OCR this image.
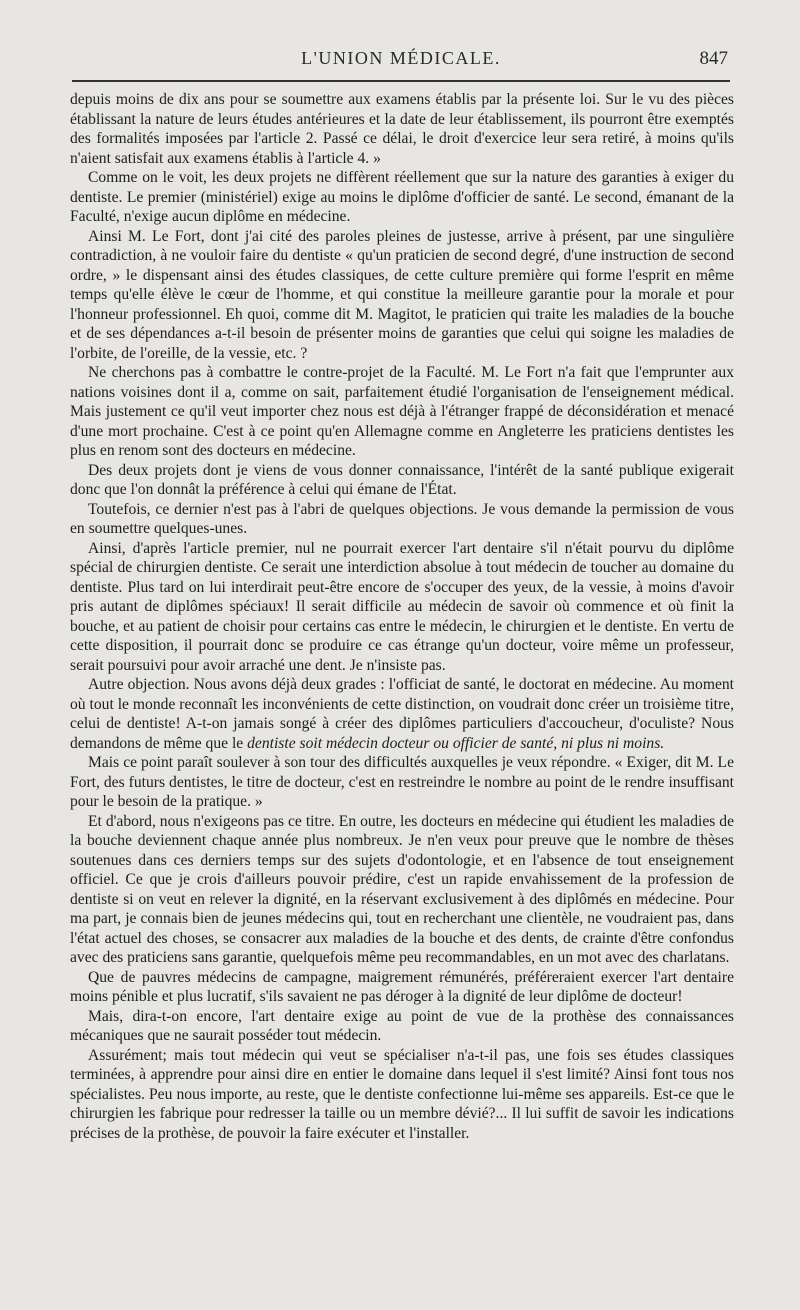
L'UNION MÉDICALE.	847

depuis moins de dix ans pour se soumettre aux examens établis par la présente loi. Sur le vu des pièces établissant la nature de leurs études antérieures et la date de leur établissement, ils pourront être exemptés des formalités imposées par l'article 2. Passé ce délai, le droit d'exercice leur sera retiré, à moins qu'ils n'aient satisfait aux examens établis à l'article 4. »

Comme on le voit, les deux projets ne diffèrent réellement que sur la nature des garanties à exiger du dentiste. Le premier (ministériel) exige au moins le diplôme d'officier de santé. Le second, émanant de la Faculté, n'exige aucun diplôme en médecine.

Ainsi M. Le Fort, dont j'ai cité des paroles pleines de justesse, arrive à présent, par une singulière contradiction, à ne vouloir faire du dentiste « qu'un praticien de second degré, d'une instruction de second ordre, » le dispensant ainsi des études classiques, de cette culture première qui forme l'esprit en même temps qu'elle élève le cœur de l'homme, et qui constitue la meilleure garantie pour la morale et pour l'honneur professionnel. Eh quoi, comme dit M. Magitot, le praticien qui traite les maladies de la bouche et de ses dépendances a-t-il besoin de présenter moins de garanties que celui qui soigne les maladies de l'orbite, de l'oreille, de la vessie, etc. ?

Ne cherchons pas à combattre le contre-projet de la Faculté. M. Le Fort n'a fait que l'emprunter aux nations voisines dont il a, comme on sait, parfaitement étudié l'organisation de l'enseignement médical. Mais justement ce qu'il veut importer chez nous est déjà à l'étranger frappé de déconsidération et menacé d'une mort prochaine. C'est à ce point qu'en Allemagne comme en Angleterre les praticiens dentistes les plus en renom sont des docteurs en médecine.

Des deux projets dont je viens de vous donner connaissance, l'intérêt de la santé publique exigerait donc que l'on donnât la préférence à celui qui émane de l'État.

Toutefois, ce dernier n'est pas à l'abri de quelques objections. Je vous demande la permission de vous en soumettre quelques-unes.

Ainsi, d'après l'article premier, nul ne pourrait exercer l'art dentaire s'il n'était pourvu du diplôme spécial de chirurgien dentiste. Ce serait une interdiction absolue à tout médecin de toucher au domaine du dentiste. Plus tard on lui interdirait peut-être encore de s'occuper des yeux, de la vessie, à moins d'avoir pris autant de diplômes spéciaux! Il serait difficile au médecin de savoir où commence et où finit la bouche, et au patient de choisir pour certains cas entre le médecin, le chirurgien et le dentiste. En vertu de cette disposition, il pourrait donc se produire ce cas étrange qu'un docteur, voire même un professeur, serait poursuivi pour avoir arraché une dent. Je n'insiste pas.

Autre objection. Nous avons déjà deux grades : l'officiat de santé, le doctorat en médecine. Au moment où tout le monde reconnaît les inconvénients de cette distinction, on voudrait donc créer un troisième titre, celui de dentiste! A-t-on jamais songé à créer des diplômes particuliers d'accoucheur, d'oculiste? Nous demandons de même que le dentiste soit médecin docteur ou officier de santé, ni plus ni moins.

Mais ce point paraît soulever à son tour des difficultés auxquelles je veux répondre. « Exiger, dit M. Le Fort, des futurs dentistes, le titre de docteur, c'est en restreindre le nombre au point de le rendre insuffisant pour le besoin de la pratique. »

Et d'abord, nous n'exigeons pas ce titre. En outre, les docteurs en médecine qui étudient les maladies de la bouche deviennent chaque année plus nombreux. Je n'en veux pour preuve que le nombre de thèses soutenues dans ces derniers temps sur des sujets d'odontologie, et en l'absence de tout enseignement officiel. Ce que je crois d'ailleurs pouvoir prédire, c'est un rapide envahissement de la profession de dentiste si on veut en relever la dignité, en la réservant exclusivement à des diplômés en médecine. Pour ma part, je connais bien de jeunes médecins qui, tout en recherchant une clientèle, ne voudraient pas, dans l'état actuel des choses, se consacrer aux maladies de la bouche et des dents, de crainte d'être confondus avec des praticiens sans garantie, quelquefois même peu recommandables, en un mot avec des charlatans.

Que de pauvres médecins de campagne, maigrement rémunérés, préféreraient exercer l'art dentaire moins pénible et plus lucratif, s'ils savaient ne pas déroger à la dignité de leur diplôme de docteur!

Mais, dira-t-on encore, l'art dentaire exige au point de vue de la prothèse des connaissances mécaniques que ne saurait posséder tout médecin.

Assurément; mais tout médecin qui veut se spécialiser n'a-t-il pas, une fois ses études classiques terminées, à apprendre pour ainsi dire en entier le domaine dans lequel il s'est limité? Ainsi font tous nos spécialistes. Peu nous importe, au reste, que le dentiste confectionne lui-même ses appareils. Est-ce que le chirurgien les fabrique pour redresser la taille ou un membre dévié?... Il lui suffit de savoir les indications précises de la prothèse, de pouvoir la faire exécuter et l'installer.
